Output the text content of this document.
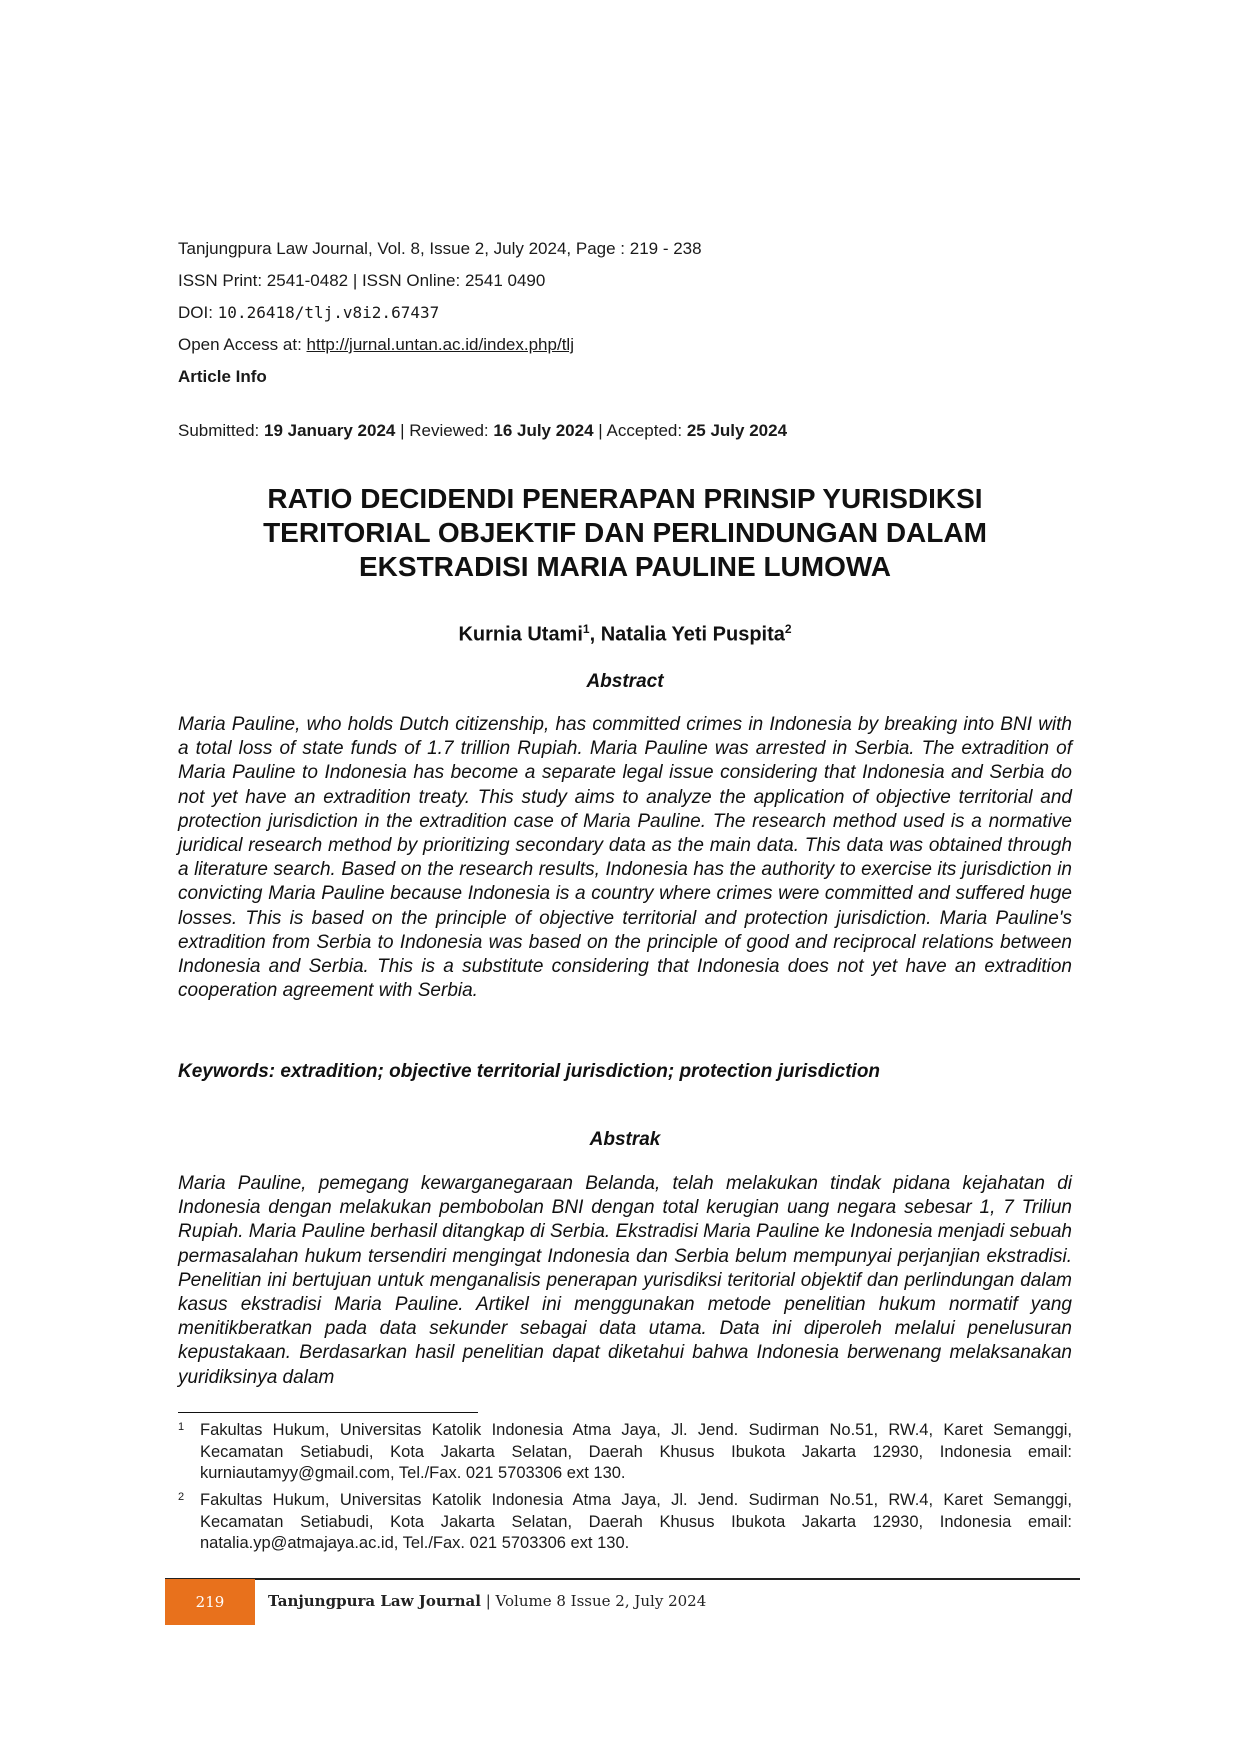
Tanjungpura Law Journal, Vol. 8, Issue 2, July 2024, Page : 219 - 238
ISSN Print: 2541-0482 | ISSN Online: 2541 0490
DOI: 10.26418/tlj.v8i2.67437
Open Access at: http://jurnal.untan.ac.id/index.php/tlj
Article Info
Submitted: 19 January 2024 | Reviewed: 16 July 2024 | Accepted: 25 July 2024
RATIO DECIDENDI PENERAPAN PRINSIP YURISDIKSI
TERITORIAL OBJEKTIF DAN PERLINDUNGAN DALAM
EKSTRADISI MARIA PAULINE LUMOWA
Kurnia Utami$^1$, Natalia Yeti Puspita$^2$
Abstract
Maria Pauline, who holds Dutch citizenship, has committed crimes in Indonesia by breaking into BNI with a total loss of state funds of 1.7 trillion Rupiah. Maria Pauline was arrested in Serbia. The extradition of Maria Pauline to Indonesia has become a separate legal issue considering that Indonesia and Serbia do not yet have an extradition treaty. This study aims to analyze the application of objective territorial and protection jurisdiction in the extradition case of Maria Pauline. The research method used is a normative juridical research method by prioritizing secondary data as the main data. This data was obtained through a literature search. Based on the research results, Indonesia has the authority to exercise its jurisdiction in convicting Maria Pauline because Indonesia is a country where crimes were committed and suffered huge losses. This is based on the principle of objective territorial and protection jurisdiction. Maria Pauline's extradition from Serbia to Indonesia was based on the principle of good and reciprocal relations between Indonesia and Serbia. This is a substitute considering that Indonesia does not yet have an extradition cooperation agreement with Serbia.
Keywords: extradition; objective territorial jurisdiction; protection jurisdiction
Abstrak
Maria Pauline, pemegang kewarganegaraan Belanda, telah melakukan tindak pidana kejahatan di Indonesia dengan melakukan pembobolan BNI dengan total kerugian uang negara sebesar 1, 7 Triliun Rupiah. Maria Pauline berhasil ditangkap di Serbia. Ekstradisi Maria Pauline ke Indonesia menjadi sebuah permasalahan hukum tersendiri mengingat Indonesia dan Serbia belum mempunyai perjanjian ekstradisi. Penelitian ini bertujuan untuk menganalisis penerapan yurisdiksi teritorial objektif dan perlindungan dalam kasus ekstradisi Maria Pauline. Artikel ini menggunakan metode penelitian hukum normatif yang menitikberatkan pada data sekunder sebagai data utama. Data ini diperoleh melalui penelusuran kepustakaan. Berdasarkan hasil penelitian dapat diketahui bahwa Indonesia berwenang melaksanakan yuridiksinya dalam
1 Fakultas Hukum, Universitas Katolik Indonesia Atma Jaya, Jl. Jend. Sudirman No.51, RW.4, Karet Semanggi, Kecamatan Setiabudi, Kota Jakarta Selatan, Daerah Khusus Ibukota Jakarta 12930, Indonesia email: kurniautamyy@gmail.com, Tel./Fax. 021 5703306 ext 130.
2 Fakultas Hukum, Universitas Katolik Indonesia Atma Jaya, Jl. Jend. Sudirman No.51, RW.4, Karet Semanggi, Kecamatan Setiabudi, Kota Jakarta Selatan, Daerah Khusus Ibukota Jakarta 12930, Indonesia email: natalia.yp@atmajaya.ac.id, Tel./Fax. 021 5703306 ext 130.
219	Tanjungpura Law Journal | Volume 8 Issue 2, July 2024
